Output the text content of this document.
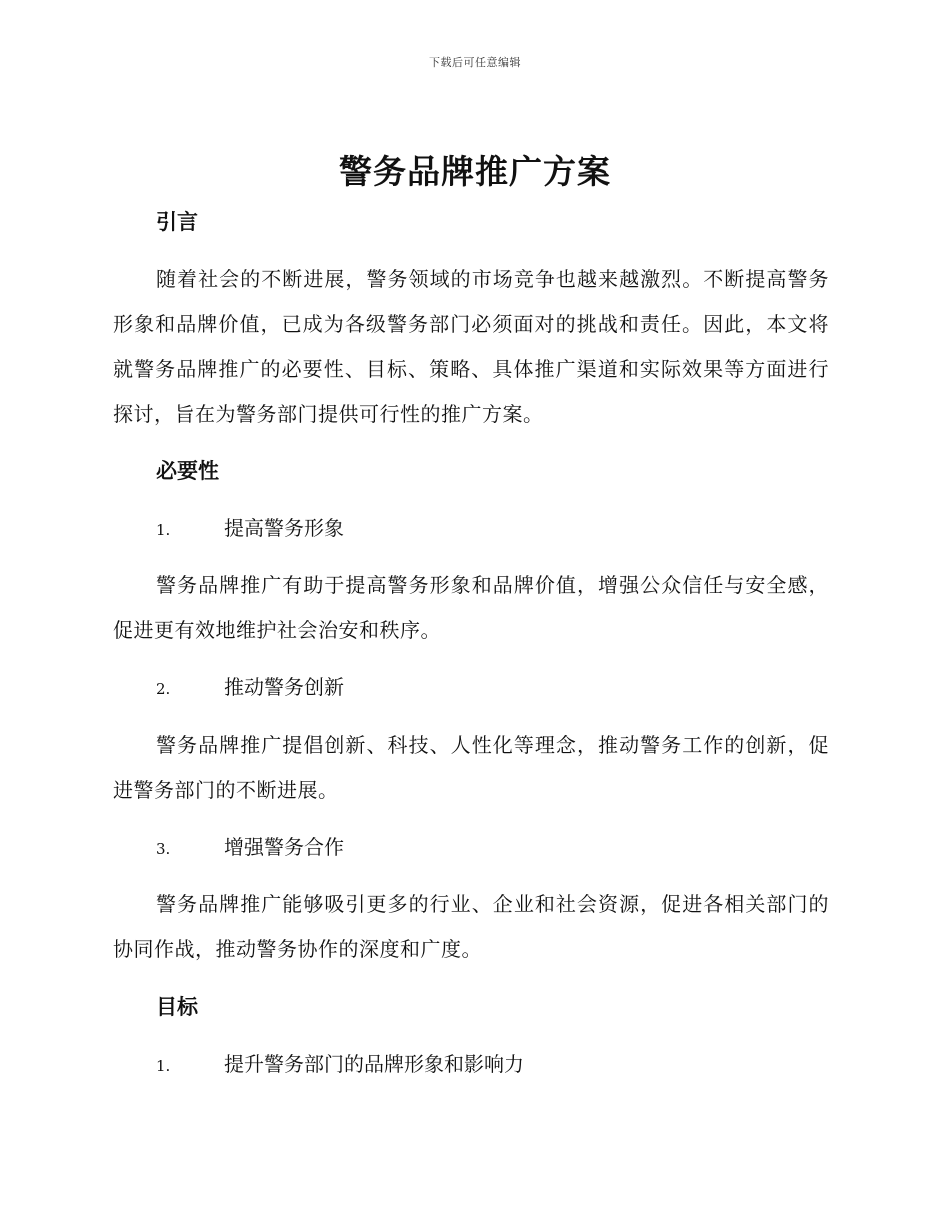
下载后可任意编辑
警务品牌推广方案
引言

随着社会的不断进展，警务领域的市场竞争也越来越激烈。不断提高警务形象和品牌价值，已成为各级警务部门必须面对的挑战和责任。因此，本文将就警务品牌推广的必要性、目标、策略、具体推广渠道和实际效果等方面进行探讨，旨在为警务部门提供可行性的推广方案。

必要性
1.	提高警务形象

警务品牌推广有助于提高警务形象和品牌价值，增强公众信任与安全感，促进更有效地维护社会治安和秩序。

2.	推动警务创新

警务品牌推广提倡创新、科技、人性化等理念，推动警务工作的创新，促进警务部门的不断进展。

3.	增强警务合作

警务品牌推广能够吸引更多的行业、企业和社会资源，促进各相关部门的协同作战，推动警务协作的深度和广度。

目标
1.	提升警务部门的品牌形象和影响力
